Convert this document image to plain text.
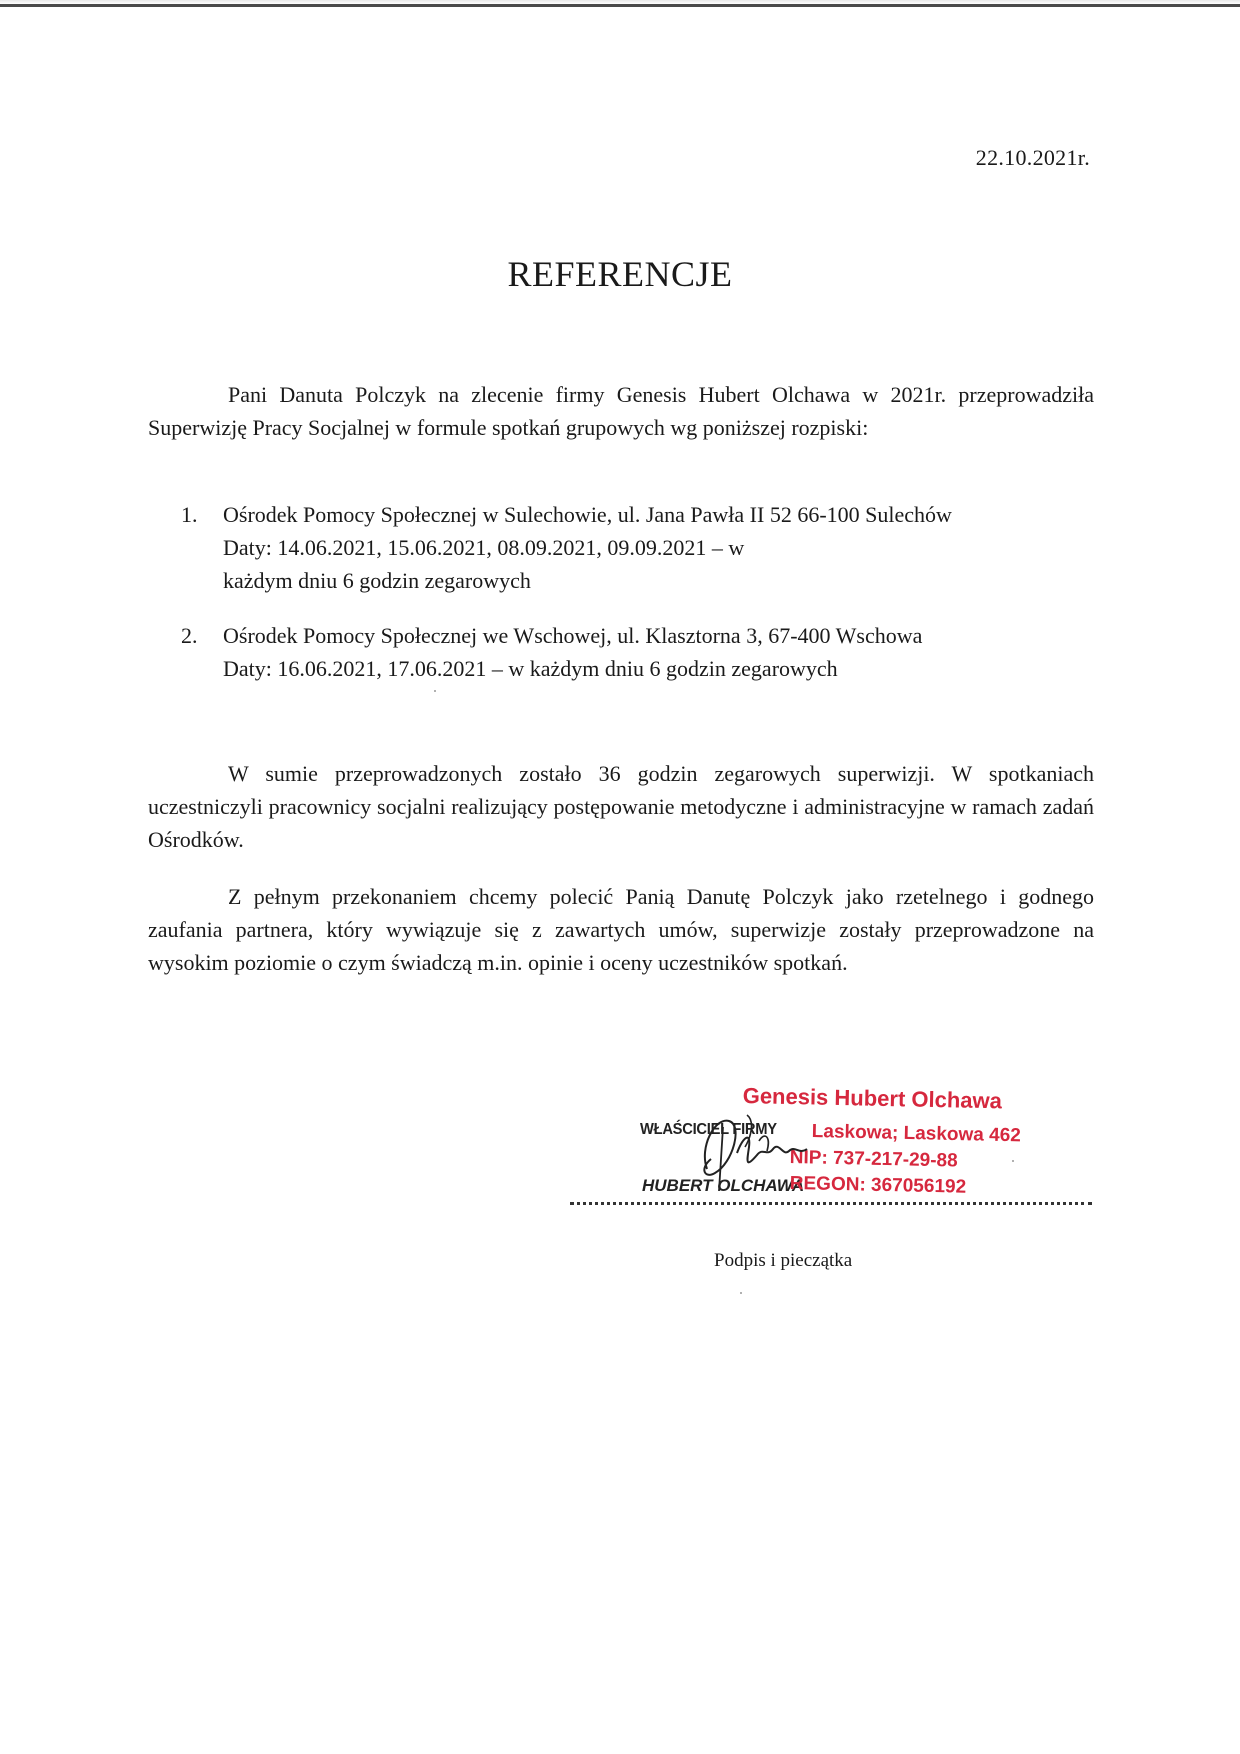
22.10.2021r.
REFERENCJE
Pani Danuta Polczyk na zlecenie firmy Genesis Hubert Olchawa w 2021r. przeprowadziła Superwizję Pracy Socjalnej w formule spotkań grupowych wg poniższej rozpiski:
1. Ośrodek Pomocy Społecznej w Sulechowie, ul. Jana Pawła II 52 66-100 Sulechów
Daty: 14.06.2021, 15.06.2021, 08.09.2021, 09.09.2021 – w każdym dniu 6 godzin zegarowych
2. Ośrodek Pomocy Społecznej we Wschowej, ul. Klasztorna 3, 67-400 Wschowa
Daty: 16.06.2021, 17.06.2021 – w każdym dniu 6 godzin zegarowych
W sumie przeprowadzonych zostało 36 godzin zegarowych superwizji. W spotkaniach uczestniczyli pracownicy socjalni realizujący postępowanie metodyczne i administracyjne w ramach zadań Ośrodków.
Z pełnym przekonaniem chcemy polecić Panią Danutę Polczyk jako rzetelnego i godnego zaufania partnera, który wywiązuje się z zawartych umów, superwizje zostały przeprowadzone na wysokim poziomie o czym świadczą m.in. opinie i oceny uczestników spotkań.
WŁAŚCICIEL FIRMY
HUBERT OLCHAWA
Genesis Hubert Olchawa
Laskowa; Laskowa 462
NIP: 737-217-29-88
REGON: 367056192
Podpis i pieczątka
